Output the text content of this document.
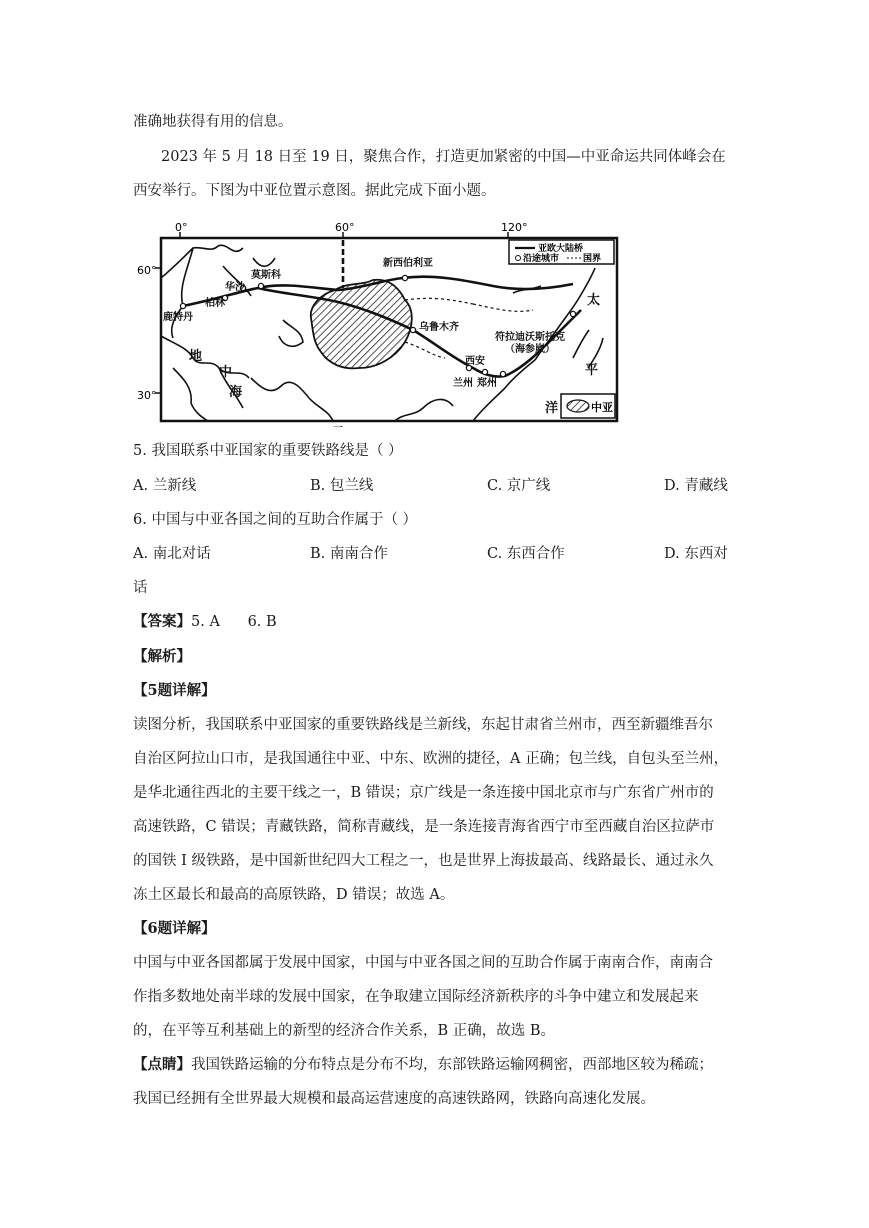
准确地获得有用的信息。
2023 年 5 月 18 日至 19 日，聚焦合作，打造更加紧密的中国—中亚命运共同体峰会在
西安举行。下图为中亚位置示意图。据此完成下面小题。
0°	60°	120°
60°
30°
亚欧大陆桥
沿途城市	国界
莫斯科
华沙
柏林
鹿特丹
新西伯利亚
乌鲁木齐
符拉迪沃斯托克
（海参崴）
西安
兰州 郑州
地
中
海
太
平
洋	中亚
一
5. 我国联系中亚国家的重要铁路线是（ ）
A. 兰新线	B. 包兰线	C. 京广线	D. 青藏线
6. 中国与中亚各国之间的互助合作属于（ ）
A. 南北对话	B. 南南合作	C. 东西合作	D. 东西对
话
【答案】5. A      6. B
【解析】
【5题详解】
读图分析，我国联系中亚国家的重要铁路线是兰新线，东起甘肃省兰州市，西至新疆维吾尔
自治区阿拉山口市，是我国通往中亚、中东、欧洲的捷径，A 正确；包兰线，自包头至兰州，
是华北通往西北的主要干线之一，B 错误；京广线是一条连接中国北京市与广东省广州市的
高速铁路，C 错误；青藏铁路，简称青藏线，是一条连接青海省西宁市至西藏自治区拉萨市
的国铁 I 级铁路，是中国新世纪四大工程之一，也是世界上海拔最高、线路最长、通过永久
冻土区最长和最高的高原铁路，D 错误；故选 A。
【6题详解】
中国与中亚各国都属于发展中国家，中国与中亚各国之间的互助合作属于南南合作，南南合
作指多数地处南半球的发展中国家，在争取建立国际经济新秩序的斗争中建立和发展起来
的，在平等互利基础上的新型的经济合作关系，B 正确，故选 B。
【点睛】我国铁路运输的分布特点是分布不均，东部铁路运输网稠密，西部地区较为稀疏；
我国已经拥有全世界最大规模和最高运营速度的高速铁路网，铁路向高速化发展。
